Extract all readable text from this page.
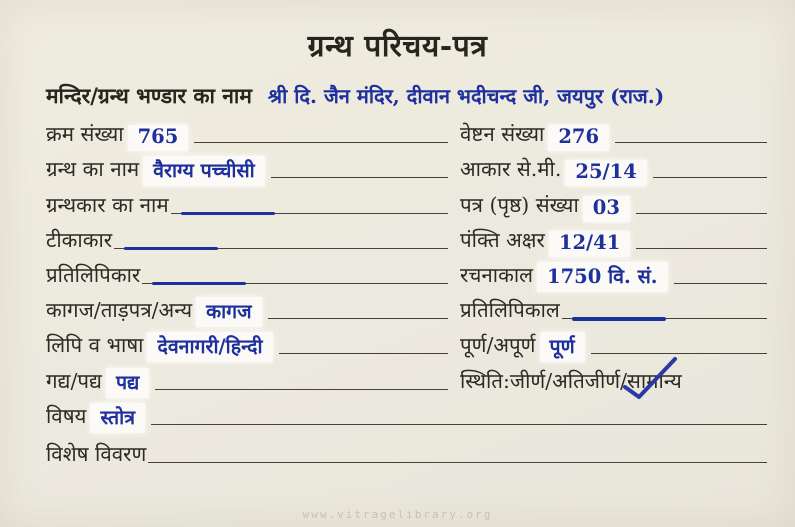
ग्रन्थ परिचय-पत्र
मन्दिर/ग्रन्थ भण्डार का नाम श्री दि. जैन मंदिर, दीवान भदीचन्द जी, जयपुर (राज.)
क्रम संख्या 765	वेष्टन संख्या 276
ग्रन्थ का नाम वैराग्य पच्चीसी	आकार से.मी. 25/14
ग्रन्थकार का नाम	पत्र (पृष्ठ) संख्या 03
टीकाकार	पंक्ति अक्षर 12/41
प्रतिलिपिकार	रचनाकाल 1750 वि. सं.
कागज/ताड़पत्र/अन्य कागज	प्रतिलिपिकाल
लिपि व भाषा देवनागरी/हिन्दी	पूर्ण/अपूर्ण पूर्ण
गद्य/पद्य पद्य	स्थिति:जीर्ण/अतिजीर्ण/ सामान्य
विषय स्तोत्र
विशेष विवरण
www.vitragelibrary.org
